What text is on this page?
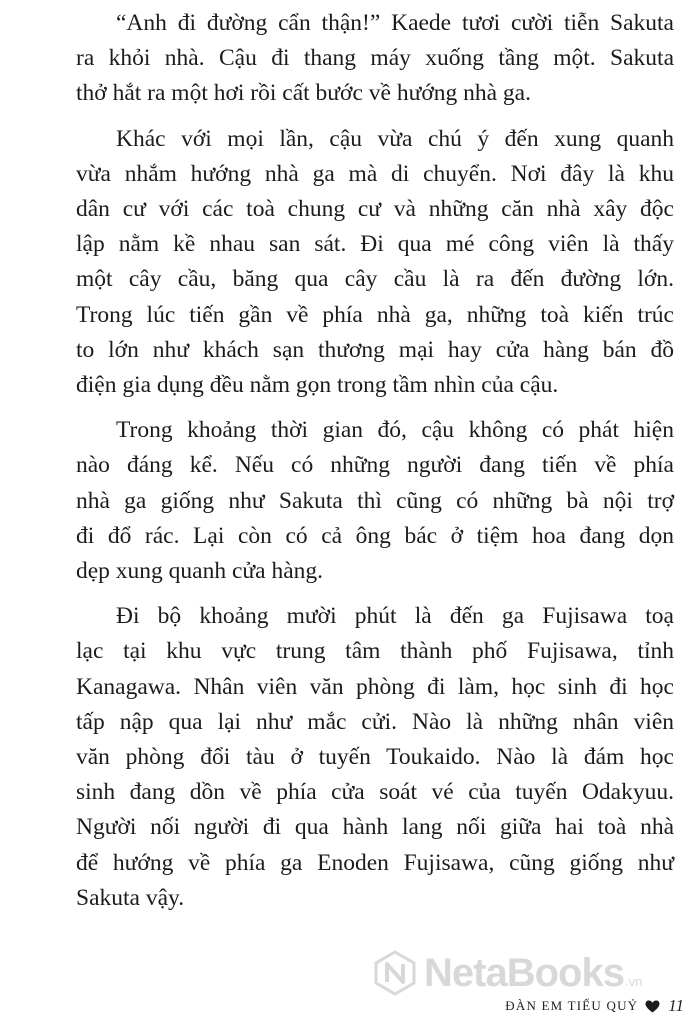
“Anh đi đường cẩn thận!” Kaede tươi cười tiễn Sakuta
ra khỏi nhà. Cậu đi thang máy xuống tầng một. Sakuta
thở hắt ra một hơi rồi cất bước về hướng nhà ga.

Khác với mọi lần, cậu vừa chú ý đến xung quanh
vừa nhắm hướng nhà ga mà di chuyển. Nơi đây là khu
dân cư với các toà chung cư và những căn nhà xây độc
lập nằm kề nhau san sát. Đi qua mé công viên là thấy
một cây cầu, băng qua cây cầu là ra đến đường lớn.
Trong lúc tiến gần về phía nhà ga, những toà kiến trúc
to lớn như khách sạn thương mại hay cửa hàng bán đồ
điện gia dụng đều nằm gọn trong tầm nhìn của cậu.

Trong khoảng thời gian đó, cậu không có phát hiện
nào đáng kể. Nếu có những người đang tiến về phía
nhà ga giống như Sakuta thì cũng có những bà nội trợ
đi đổ rác. Lại còn có cả ông bác ở tiệm hoa đang dọn
dẹp xung quanh cửa hàng.

Đi bộ khoảng mười phút là đến ga Fujisawa toạ
lạc tại khu vực trung tâm thành phố Fujisawa, tỉnh
Kanagawa. Nhân viên văn phòng đi làm, học sinh đi học
tấp nập qua lại như mắc cửi. Nào là những nhân viên
văn phòng đổi tàu ở tuyến Toukaido. Nào là đám học
sinh đang dồn về phía cửa soát vé của tuyến Odakyuu.
Người nối người đi qua hành lang nối giữa hai toà nhà
để hướng về phía ga Enoden Fujisawa, cũng giống như
Sakuta vậy.

NetaBooks .vn
ĐÀN EM TIỂU QUỶ 11
